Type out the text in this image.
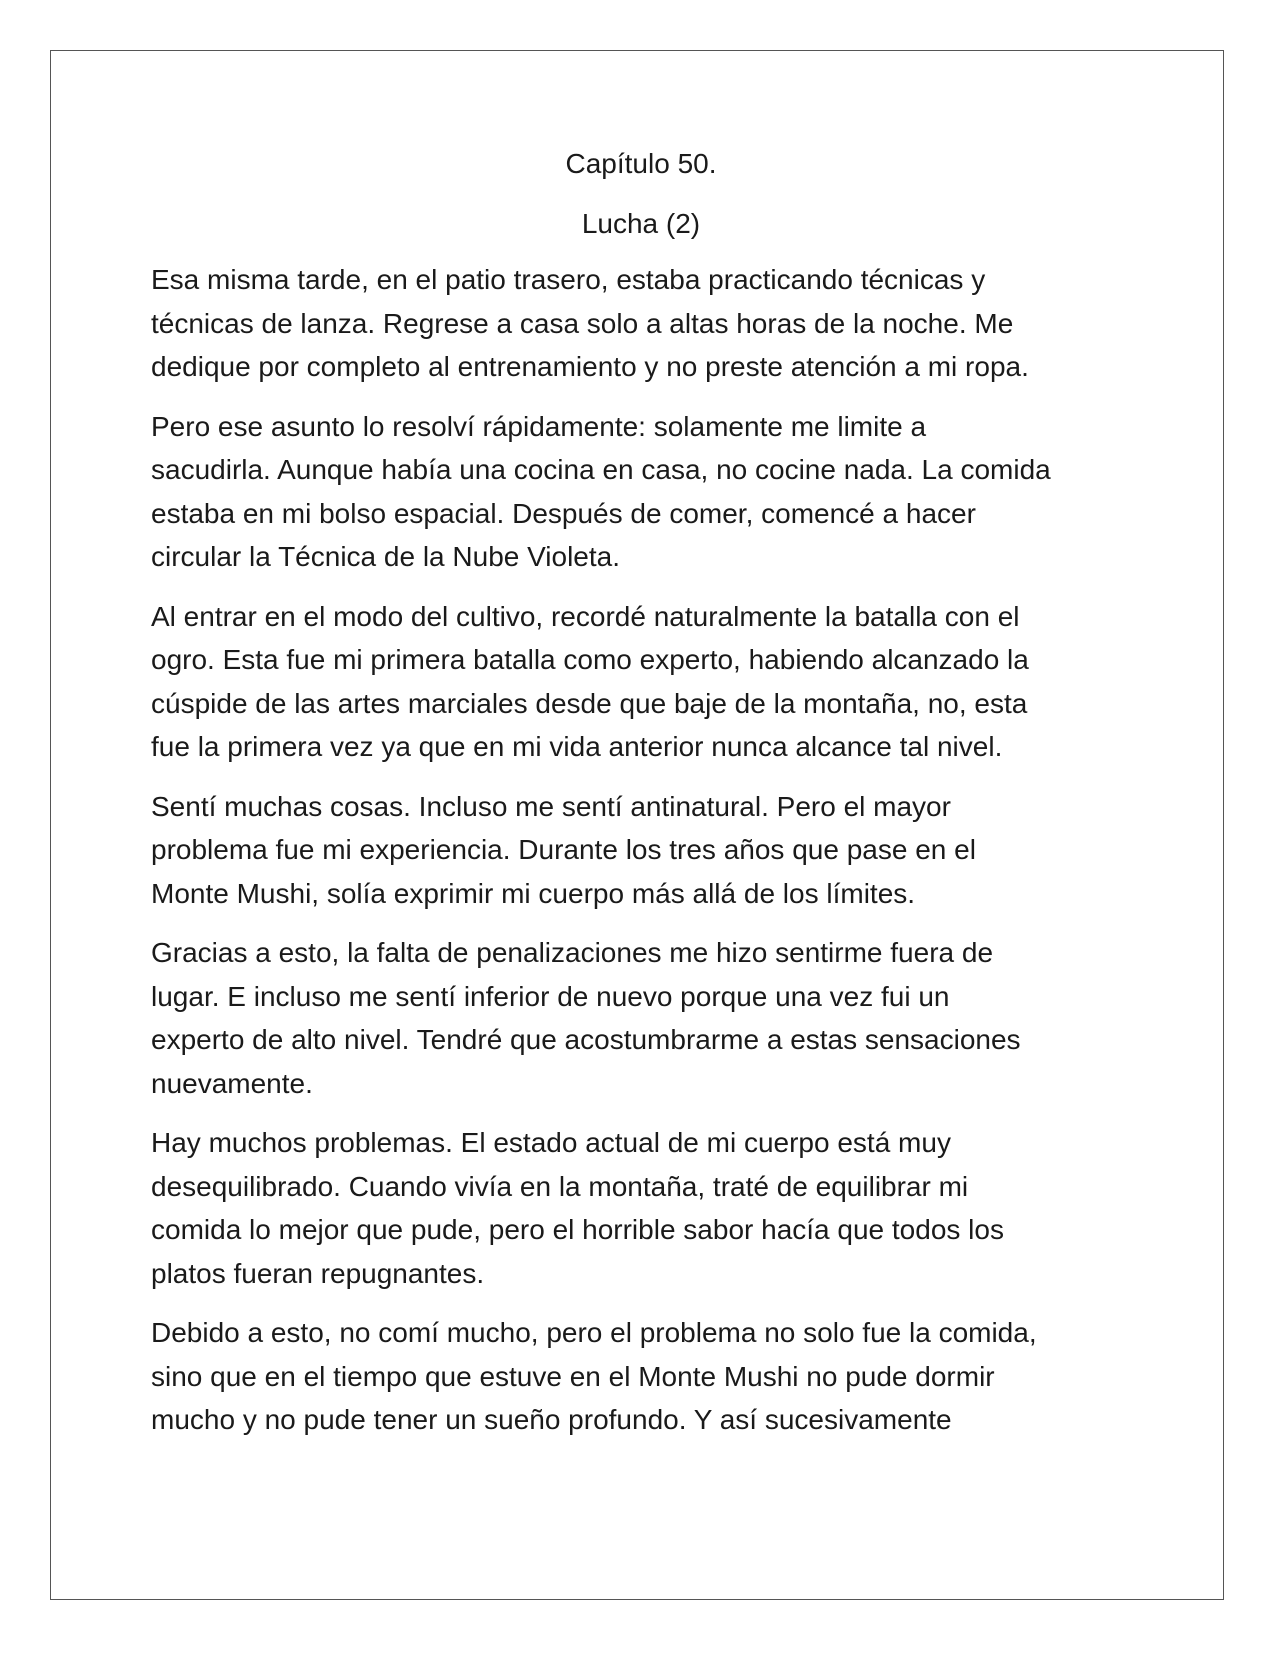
Capítulo 50.
Lucha (2)

Esa misma tarde, en el patio trasero, estaba practicando técnicas y
técnicas de lanza. Regrese a casa solo a altas horas de la noche. Me
dedique por completo al entrenamiento y no preste atención a mi ropa.

Pero ese asunto lo resolví rápidamente: solamente me limite a
sacudirla. Aunque había una cocina en casa, no cocine nada. La comida
estaba en mi bolso espacial. Después de comer, comencé a hacer
circular la Técnica de la Nube Violeta.

Al entrar en el modo del cultivo, recordé naturalmente la batalla con el
ogro. Esta fue mi primera batalla como experto, habiendo alcanzado la
cúspide de las artes marciales desde que baje de la montaña, no, esta
fue la primera vez ya que en mi vida anterior nunca alcance tal nivel.

Sentí muchas cosas. Incluso me sentí antinatural. Pero el mayor
problema fue mi experiencia. Durante los tres años que pase en el
Monte Mushi, solía exprimir mi cuerpo más allá de los límites.

Gracias a esto, la falta de penalizaciones me hizo sentirme fuera de
lugar. E incluso me sentí inferior de nuevo porque una vez fui un
experto de alto nivel. Tendré que acostumbrarme a estas sensaciones
nuevamente.

Hay muchos problemas. El estado actual de mi cuerpo está muy
desequilibrado. Cuando vivía en la montaña, traté de equilibrar mi
comida lo mejor que pude, pero el horrible sabor hacía que todos los
platos fueran repugnantes.

Debido a esto, no comí mucho, pero el problema no solo fue la comida,
sino que en el tiempo que estuve en el Monte Mushi no pude dormir
mucho y no pude tener un sueño profundo. Y así sucesivamente
